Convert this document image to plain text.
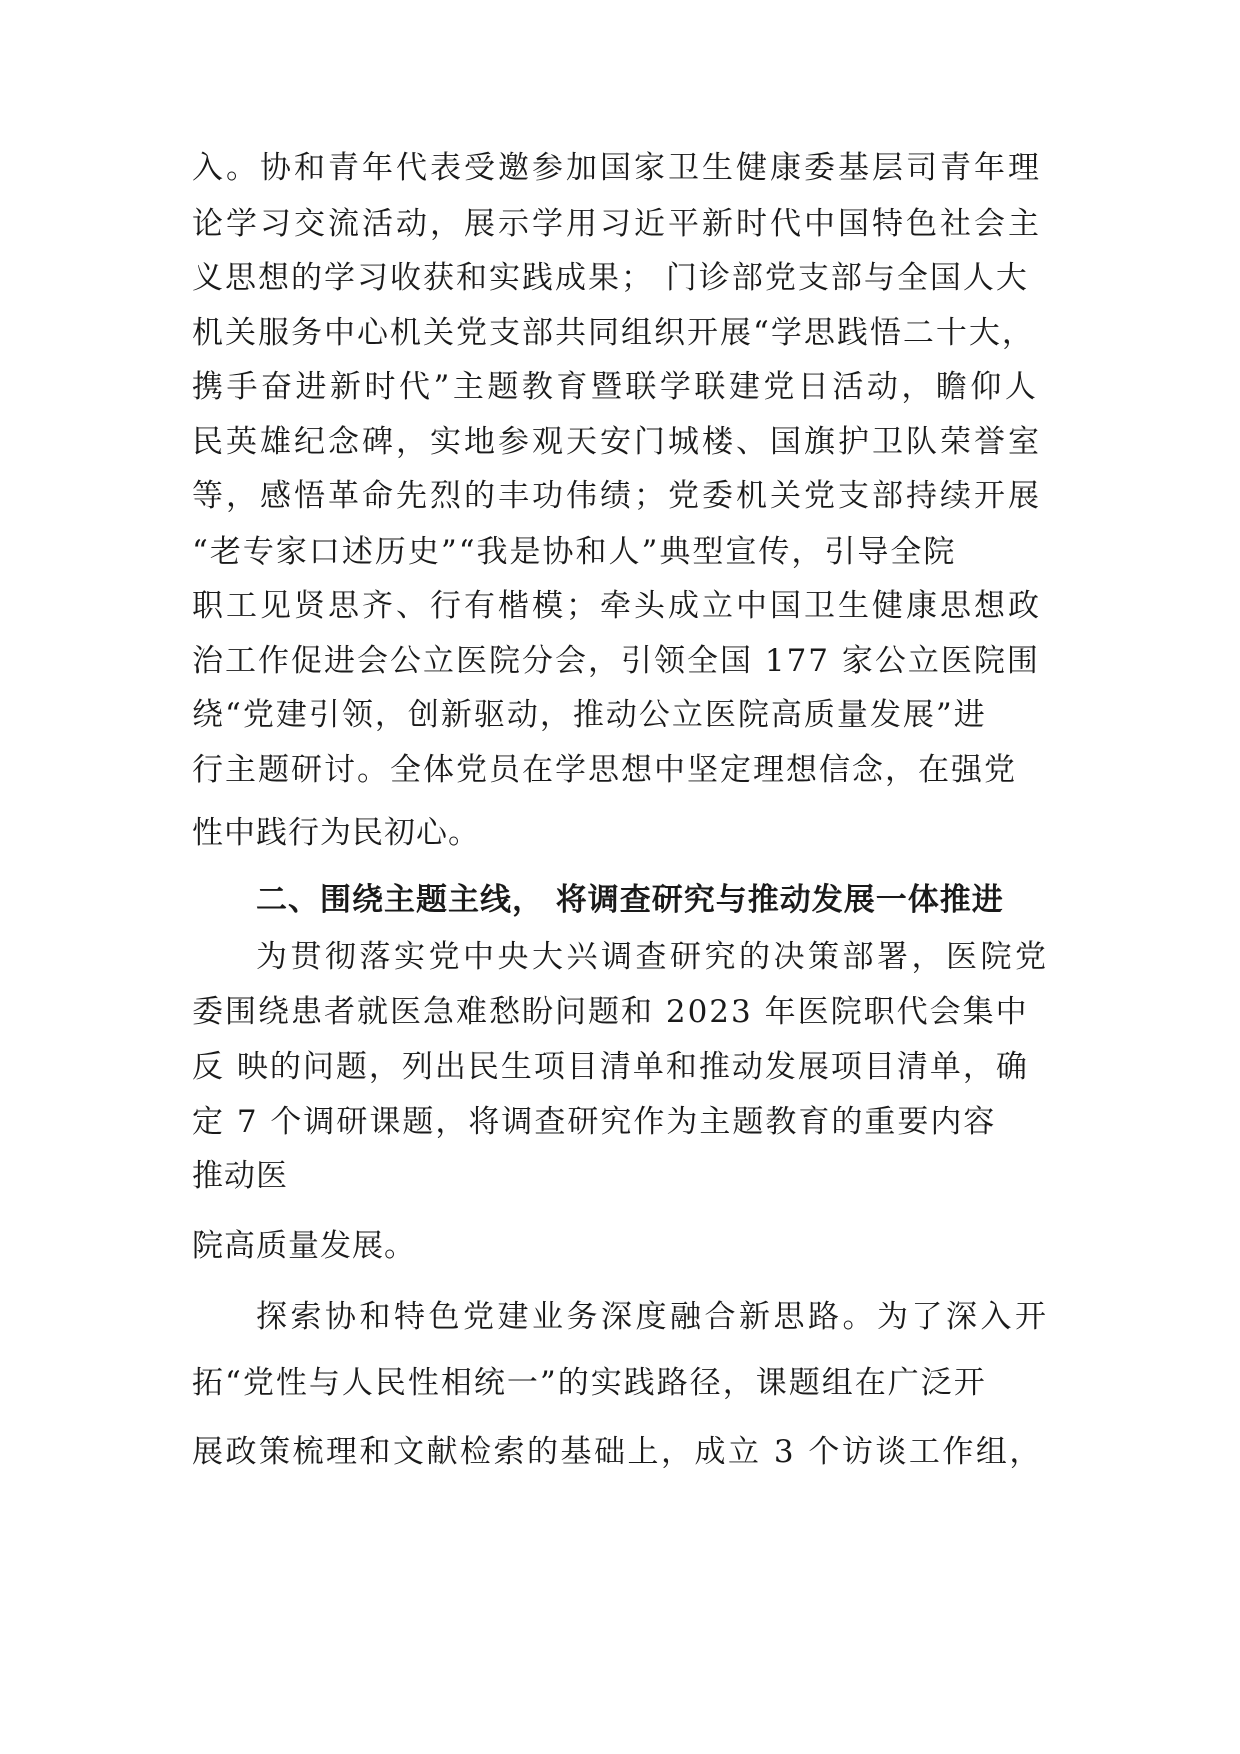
入。协和青年代表受邀参加国家卫生健康委基层司青年理
论学习交流活动，展示学用习近平新时代中国特色社会主
义思想的学习收获和实践成果； 门诊部党支部与全国人大
机关服务中心机关党支部共同组织开展“学思践悟二十大，
携手奋进新时代”主题教育暨联学联建党日活动，瞻仰人
民英雄纪念碑，实地参观天安门城楼、国旗护卫队荣誉室
等，感悟革命先烈的丰功伟绩；党委机关党支部持续开展
“老专家口述历史”“我是协和人”典型宣传，引导全院
职工见贤思齐、行有楷模；牵头成立中国卫生健康思想政
治工作促进会公立医院分会，引领全国 177 家公立医院围
绕“党建引领，创新驱动，推动公立医院高质量发展”进
行主题研讨。全体党员在学思想中坚定理想信念，在强党
性中践行为民初心。
二、围绕主题主线， 将调查研究与推动发展一体推进
为贯彻落实党中央大兴调查研究的决策部署，医院党
委围绕患者就医急难愁盼问题和 2023 年医院职代会集中
反 映的问题，列出民生项目清单和推动发展项目清单，确
定 7 个调研课题，将调查研究作为主题教育的重要内容
推动医
院高质量发展。
探索协和特色党建业务深度融合新思路。为了深入开
拓“党性与人民性相统一”的实践路径，课题组在广泛开
展政策梳理和文献检索的基础上，成立 3 个访谈工作组，
